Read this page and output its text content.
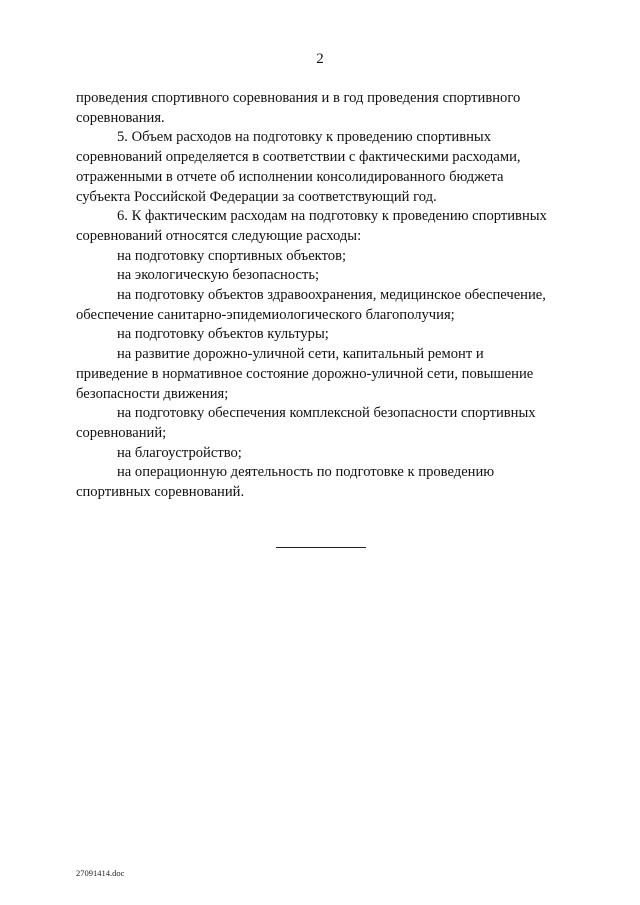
2

проведения спортивного соревнования и в год проведения спортивного
соревнования.

5. Объем расходов на подготовку к проведению спортивных
соревнований определяется в соответствии с фактическими расходами,
отраженными в отчете об исполнении консолидированного бюджета
субъекта Российской Федерации за соответствующий год.

6. К фактическим расходам на подготовку к проведению спортивных
соревнований относятся следующие расходы:

на подготовку спортивных объектов;

на экологическую безопасность;

на подготовку объектов здравоохранения, медицинское обеспечение,
обеспечение санитарно-эпидемиологического благополучия;

на подготовку объектов культуры;

на развитие дорожно-уличной сети, капитальный ремонт и
приведение в нормативное состояние дорожно-уличной сети, повышение
безопасности движения;

на подготовку обеспечения комплексной безопасности спортивных
соревнований;

на благоустройство;

на операционную деятельность по подготовке к проведению
спортивных соревнований.

27091414.doc
